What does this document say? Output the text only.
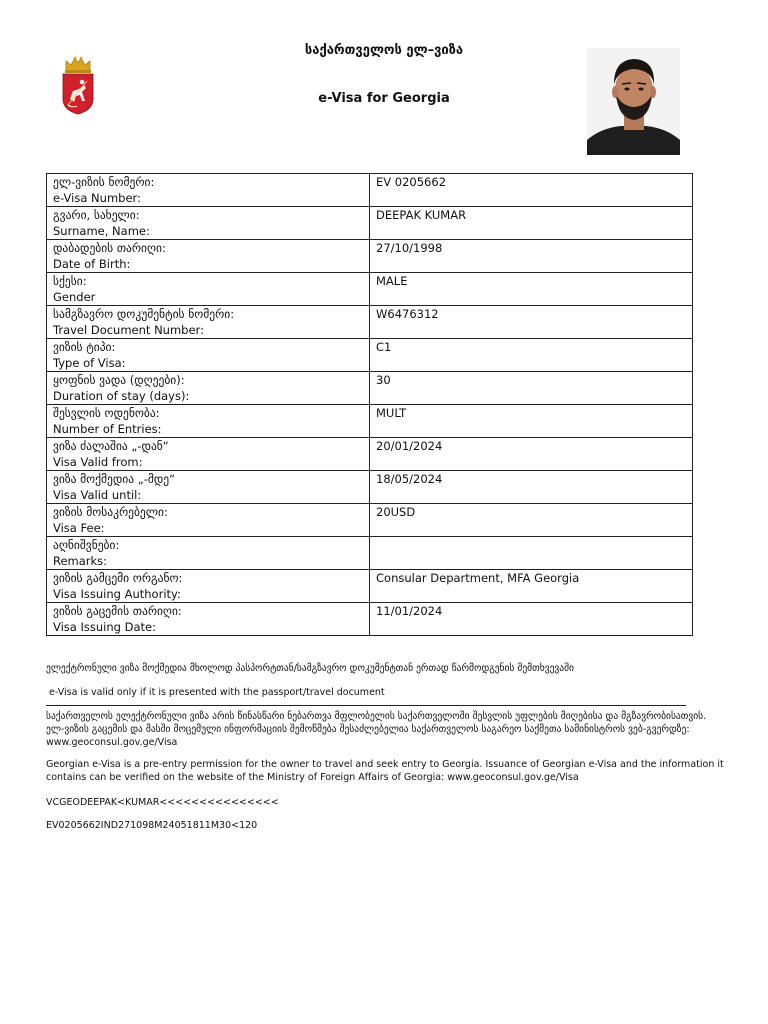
საქართველოს ელ–ვიზა
e-Visa for Georgia
ელ-ვიზის ნომერი:
e-Visa Number:	EV 0205662

გვარი, სახელი:
Surname, Name:	DEEPAK KUMAR

დაბადების თარიღი:
Date of Birth:	27/10/1998

სქესი:
Gender	MALE

სამგზავრო დოკუმენტის ნომერი:
Travel Document Number:	W6476312

ვიზის ტიპი:
Type of Visa:	C1

ყოფნის ვადა (დღეები):
Duration of stay (days):	30

შესვლის ოდენობა:
Number of Entries:	MULT

ვიზა ძალაშია „-დან“
Visa Valid from:	20/01/2024

ვიზა მოქმედია „-მდე“
Visa Valid until:	18/05/2024

ვიზის მოსაკრებელი:
Visa Fee:	20USD

აღნიშვნები:
Remarks:	

ვიზის გამცემი ორგანო:
Visa Issuing Authority:	Consular Department, MFA Georgia

ვიზის გაცემის თარიღი:
Visa Issuing Date:	11/01/2024
ელექტრონული ვიზა მოქმედია მხოლოდ პასპორტთან/სამგზავრო დოკუმენტთან ერთად წარმოდგენის შემთხვევაში
e-Visa is valid only if it is presented with the passport/travel document
საქართველოს ელექტრონული ვიზა არის წინასწარი ნებართვა მფლობელის საქართველოში შესვლის უფლების მიღებისა და მგზავრობისათვის. ელ-ვიზის გაცემის და მასში მოცემული ინფორმაციის შემოწმება შესაძლებელია საქართველოს საგარეო საქმეთა სამინისტროს ვებ-გვერდზე: www.geoconsul.gov.ge/Visa
Georgian e-Visa is a pre-entry permission for the owner to travel and seek entry to Georgia. Issuance of Georgian e-Visa and the information it contains can be verified on the website of the Ministry of Foreign Affairs of Georgia: www.geoconsul.gov.ge/Visa
VCGEODEEPAK<KUMAR<<<<<<<<<<<<<<<
EV0205662IND271098M24051811M30<120
